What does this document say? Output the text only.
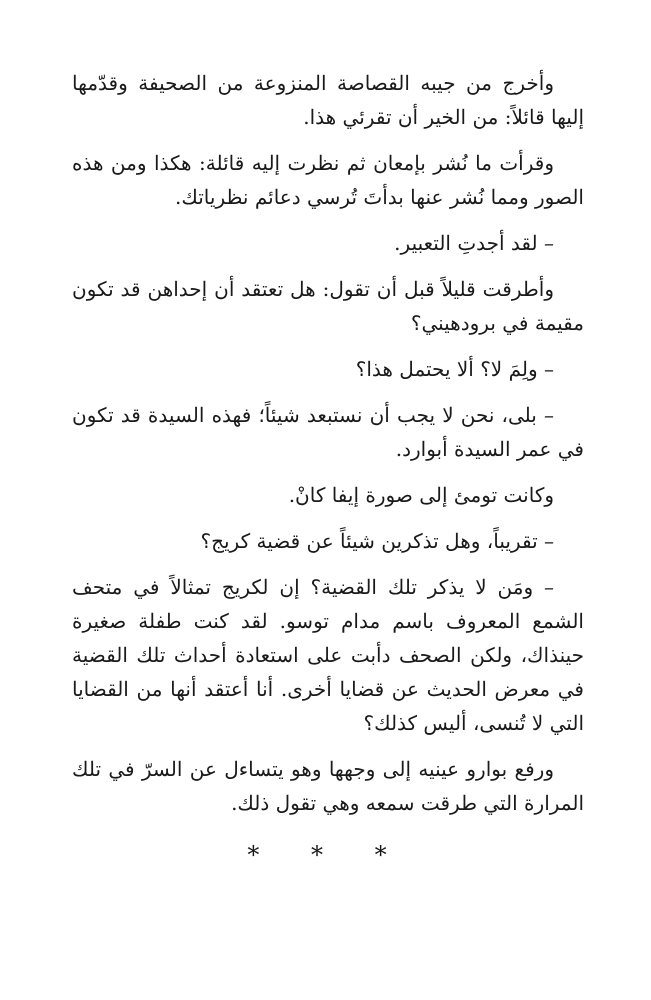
وأخرج من جيبه القصاصة المنزوعة من الصحيفة وقدّمها إليها قائلاً: من الخير أن تقرئي هذا.

وقرأت ما نُشر بإمعان ثم نظرت إليه قائلة: هكذا ومن هذه الصور ومما نُشر عنها بدأتَ تُرسي دعائم نظرياتك.

– لقد أجدتِ التعبير.

وأطرقت قليلاً قبل أن تقول: هل تعتقد أن إحداهن قد تكون مقيمة في برودهيني؟

– ولِمَ لا؟ ألا يحتمل هذا؟

– بلى، نحن لا يجب أن نستبعد شيئاً؛ فهذه السيدة قد تكون في عمر السيدة أبوارد.

وكانت تومئ إلى صورة إيفا كانْ.

– تقريباً، وهل تذكرين شيئاً عن قضية كريج؟

– ومَن لا يذكر تلك القضية؟ إن لكريج تمثالاً في متحف الشمع المعروف باسم مدام توسو. لقد كنت طفلة صغيرة حينذاك، ولكن الصحف دأبت على استعادة أحداث تلك القضية في معرض الحديث عن قضايا أخرى. أنا أعتقد أنها من القضايا التي لا تُنسى، أليس كذلك؟

ورفع بوارو عينيه إلى وجهها وهو يتساءل عن السرّ في تلك المرارة التي طرقت سمعه وهي تقول ذلك.

* * *
